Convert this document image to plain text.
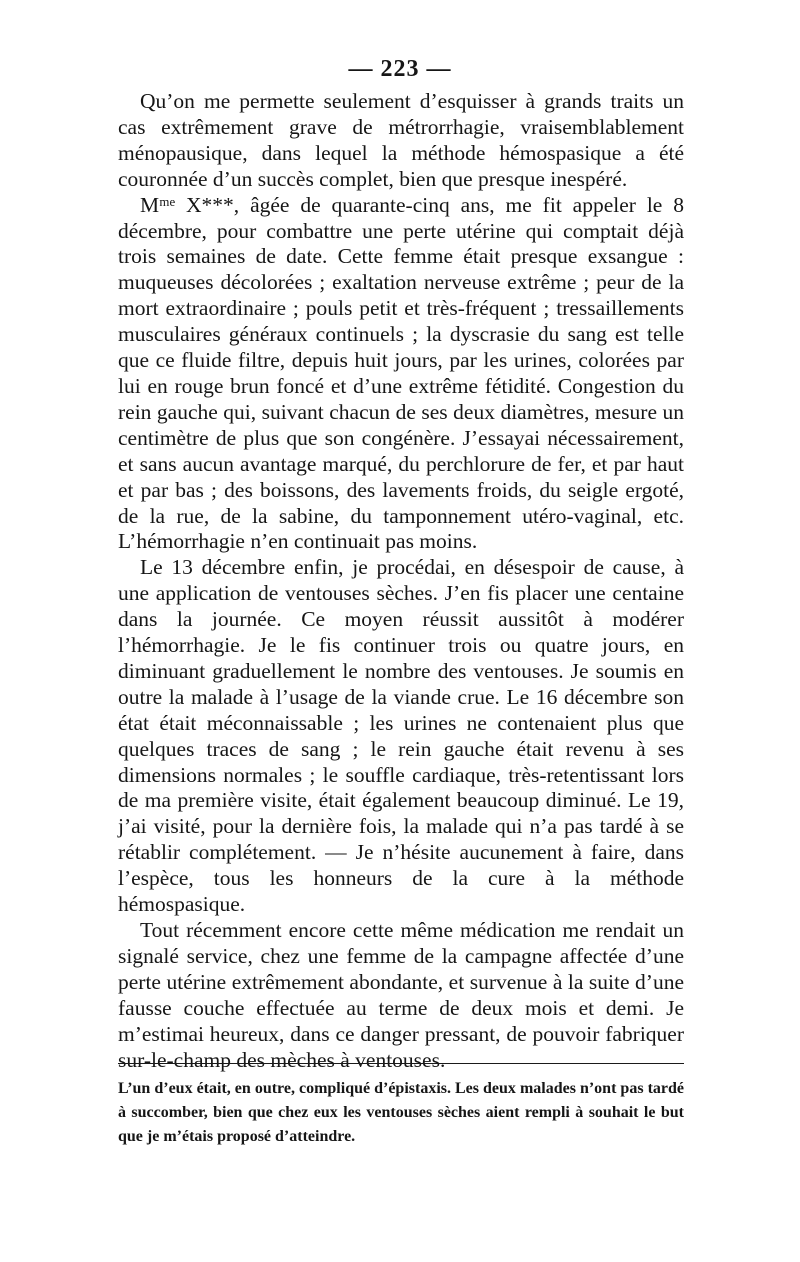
— 223 —

Qu’on me permette seulement d’esquisser à grands traits un cas extrêmement grave de métrorrhagie, vraisemblablement ménopausique, dans lequel la méthode hémospasique a été couronnée d’un succès complet, bien que presque inespéré.

Mᵐᵉ X***, âgée de quarante-cinq ans, me fit appeler le 8 décembre, pour combattre une perte utérine qui comptait déjà trois semaines de date. Cette femme était presque exsangue : muqueuses décolorées ; exaltation nerveuse extrême ; peur de la mort extraordinaire ; pouls petit et très-fréquent ; tressaillements musculaires généraux continuels ; la dyscrasie du sang est telle que ce fluide filtre, depuis huit jours, par les urines, colorées par lui en rouge brun foncé et d’une extrême fétidité. Congestion du rein gauche qui, suivant chacun de ses deux diamètres, mesure un centimètre de plus que son congénère. J’essayai nécessairement, et sans aucun avantage marqué, du perchlorure de fer, et par haut et par bas ; des boissons, des lavements froids, du seigle ergoté, de la rue, de la sabine, du tamponnement utéro-vaginal, etc. L’hémorrhagie n’en continuait pas moins.

Le 13 décembre enfin, je procédai, en désespoir de cause, à une application de ventouses sèches. J’en fis placer une centaine dans la journée. Ce moyen réussit aussitôt à modérer l’hémorrhagie. Je le fis continuer trois ou quatre jours, en diminuant graduellement le nombre des ventouses. Je soumis en outre la malade à l’usage de la viande crue. Le 16 décembre son état était méconnaissable ; les urines ne contenaient plus que quelques traces de sang ; le rein gauche était revenu à ses dimensions normales ; le souffle cardiaque, très-retentissant lors de ma première visite, était également beaucoup diminué. Le 19, j’ai visité, pour la dernière fois, la malade qui n’a pas tardé à se rétablir complétement. — Je n’hésite aucunement à faire, dans l’espèce, tous les honneurs de la cure à la méthode hémospasique.

Tout récemment encore cette même médication me rendait un signalé service, chez une femme de la campagne affectée d’une perte utérine extrêmement abondante, et survenue à la suite d’une fausse couche effectuée au terme de deux mois et demi. Je m’estimai heureux, dans ce danger pressant, de pouvoir fabriquer sur-le-champ des mèches à ventouses.

L’un d’eux était, en outre, compliqué d’épistaxis. Les deux malades n’ont pas tardé à succomber, bien que chez eux les ventouses sèches aient rempli à souhait le but que je m’étais proposé d’atteindre.
